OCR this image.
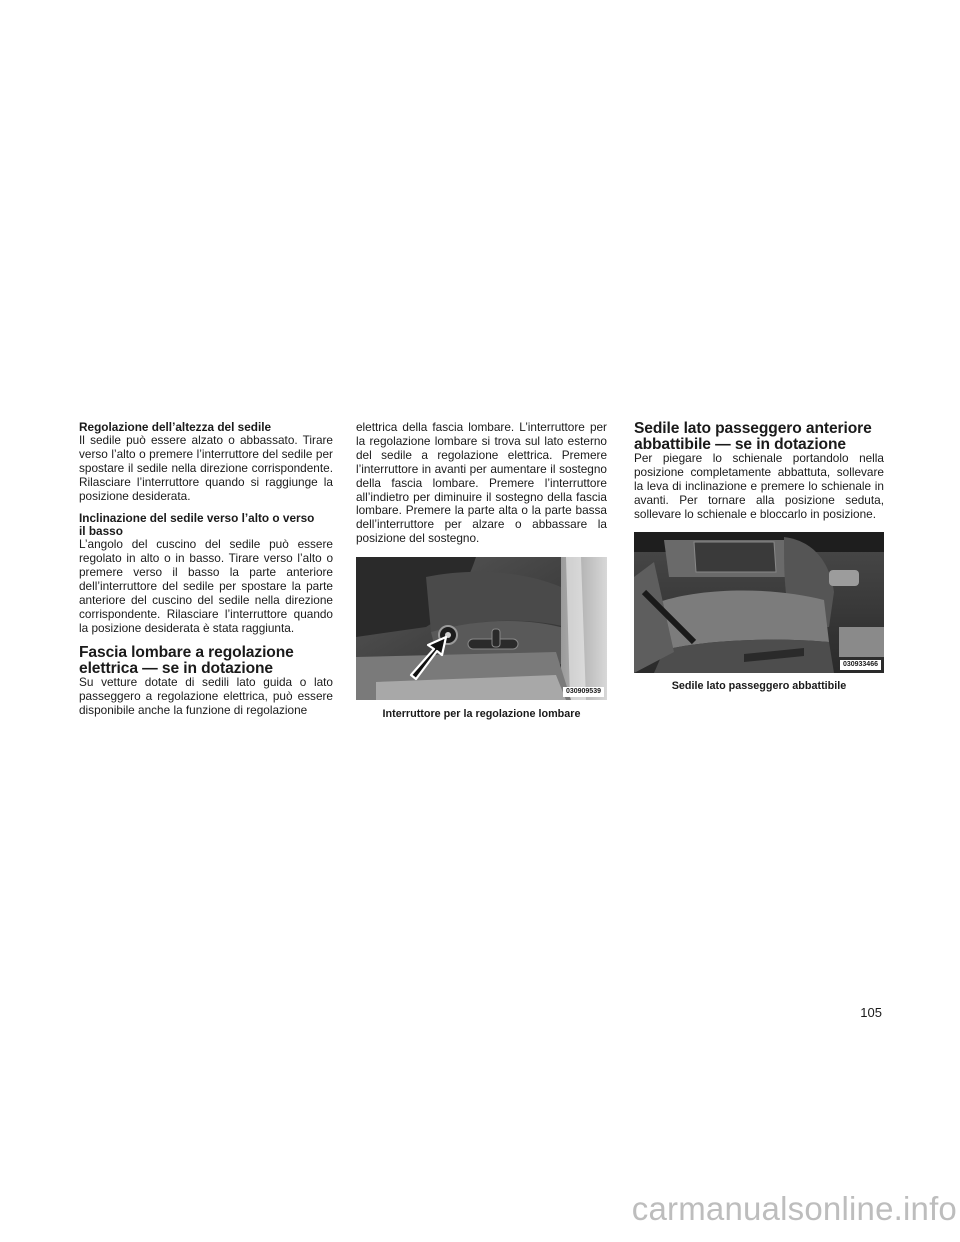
Regolazione dell’altezza del sedile

Il sedile può essere alzato o abbassato. Tirare verso l’alto o premere l’interruttore del sedile per spostare il sedile nella direzione corrispondente. Rilasciare l’interruttore quando si raggiunge la posizione desiderata.

Inclinazione del sedile verso l’alto o verso

il basso

L’angolo del cuscino del sedile può essere regolato in alto o in basso. Tirare verso l’alto o premere verso il basso la parte anteriore dell’interruttore del sedile per spostare la parte anteriore del cuscino del sedile nella direzione corrispondente. Rilasciare l’interruttore quando la posizione desiderata è stata raggiunta.

Fascia lombare a regolazione
elettrica — se in dotazione

Su vetture dotate di sedili lato guida o lato passeggero a regolazione elettrica, può essere disponibile anche la funzione di regolazione

elettrica della fascia lombare. L’interruttore per la regolazione lombare si trova sul lato esterno del sedile a regolazione elettrica. Premere l’interruttore in avanti per aumentare il sostegno della fascia lombare. Premere l’interruttore all’indietro per diminuire il sostegno della fascia lombare. Premere la parte alta o la parte bassa dell’interruttore per alzare o abbassare la posizione del sostegno.

030909539

Interruttore per la regolazione lombare

Sedile lato passeggero anteriore
abbattibile — se in dotazione

Per piegare lo schienale portandolo nella posizione completamente abbattuta, sollevare la leva di inclinazione e premere lo schienale in avanti. Per tornare alla posizione seduta, sollevare lo schienale e bloccarlo in posizione.

030933466

Sedile lato passeggero abbattibile

105
carmanualsonline.info
